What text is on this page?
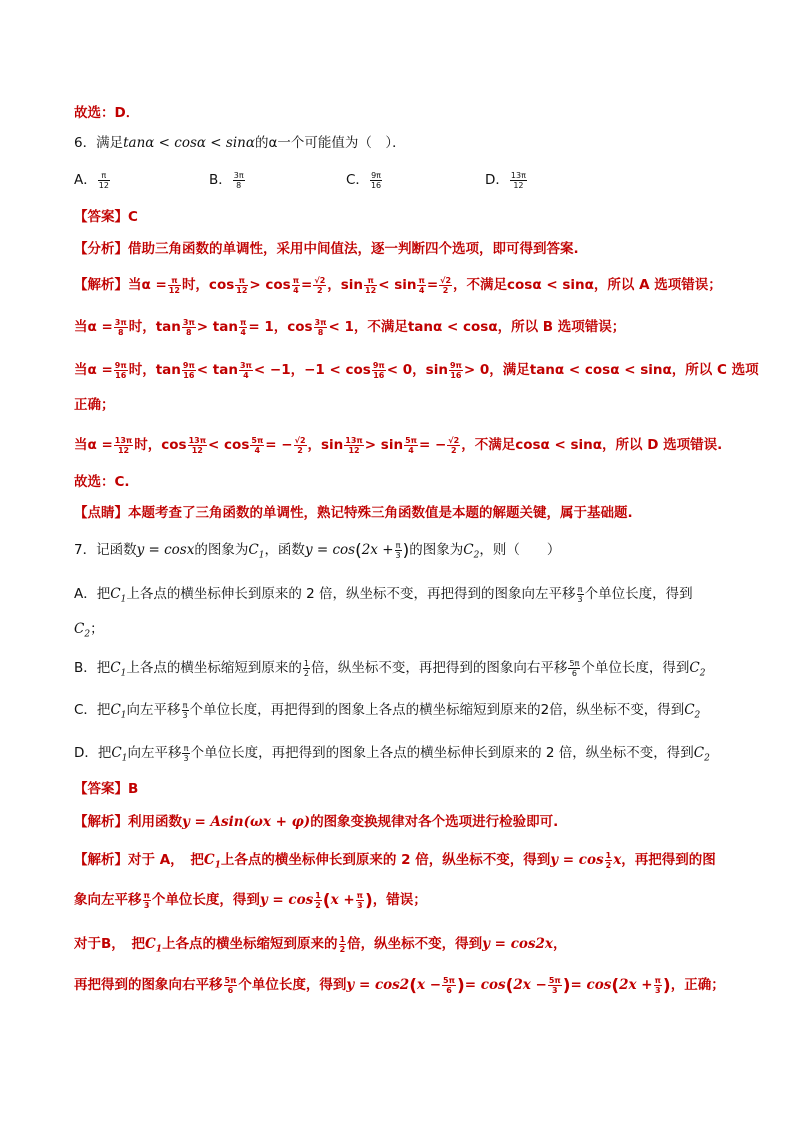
故选：D．
6．满足tanα < cosα < sinα的α一个可能值为（　）．
A． $\frac{\pi}{12}$	B． $\frac{3\pi}{8}$	C． $\frac{9\pi}{16}$	D． $\frac{13\pi}{12}$
【答案】C
【分析】借助三角函数的单调性，采用中间值法，逐一判断四个选项，即可得到答案.
【解析】当$\alpha = \frac{\pi}{12}$ 时，$\cos \frac{\pi}{12} > \cos \frac{\pi}{4} = \frac{√2}{2}$ ，$\sin \frac{\pi}{12} < \sin \frac{\pi}{4} = \frac{√2}{2}$ ，不满足cosα < sinα，所以 A 选项错误；
当$\alpha = \frac{3\pi}{8}$ 时，$\tan \frac{3\pi}{8} > \tan \frac{\pi}{4} = 1$，$\cos \frac{3\pi}{8} < 1$，不满足tanα < cosα，所以 B 选项错误；
当$\alpha = \frac{9\pi}{16}$ 时，$\tan \frac{9\pi}{16} < \tan \frac{3\pi}{4} < -1$，$-1 < \cos \frac{9\pi}{16} < 0$，$\sin \frac{9\pi}{16} > 0$，满足tanα < cosα < sinα，所以 C 选项
正确；
当$\alpha = \frac{13\pi}{12}$ 时，$\cos \frac{13\pi}{12} < \cos \frac{5\pi}{4}$ = − $\frac{√2}{2}$ ，$\sin \frac{13\pi}{12} > \sin \frac{5\pi}{4}$ = − $\frac{√2}{2}$ ，不满足cosα < sinα，所以 D 选项错误.
故选：C.
【点睛】本题考查了三角函数的单调性，熟记特殊三角函数值是本题的解题关键，属于基础题.
7．记函数y = cosx的图象为$C_1$，函数$y = \cos(2x + \frac{\pi}{3}$ )的图象为$C_2$，则（　　）
A．把$C_1$上各点的横坐标伸长到原来的 2 倍，纵坐标不变，再把得到的图象向左平移 $\frac{\pi}{3}$ 个单位长度，得到
$C_2$；
B．把$C_1$上各点的横坐标缩短到原来的 $\frac{1}{2}$ 倍，纵坐标不变，再把得到的图象向右平移 $\frac{5\pi}{6}$ 个单位长度，得到$C_2$
C．把$C_1$向左平移 $\frac{\pi}{3}$ 个单位长度，再把得到的图象上各点的横坐标缩短到原来的2倍，纵坐标不变，得到$C_2$
D．把$C_1$向左平移 $\frac{\pi}{3}$ 个单位长度，再把得到的图象上各点的横坐标伸长到原来的 2 倍，纵坐标不变，得到$C_2$
【答案】B
【解析】利用函数y = Asin(ωx + φ)的图象变换规律对各个选项进行检验即可.
【解析】对于 A，　把$C_1$上各点的横坐标伸长到原来的 2 倍，纵坐标不变，得到$y = \cos \frac{1}{2}$ x，再把得到的图
象向左平移 $\frac{\pi}{3}$ 个单位长度，得到$y = \cos \frac{1}{2} (x + \frac{\pi}{3}$ )，错误；
对于B，　把$C_1$上各点的横坐标缩短到原来的 $\frac{1}{2}$ 倍，纵坐标不变，得到y = cos2x，
再把得到的图象向右平移 $\frac{5\pi}{6}$ 个单位长度，得到$y = \cos 2(x - \frac{5\pi}{6}$ )= $\cos(2x - \frac{5\pi}{3}$ )= $\cos(2x + \frac{\pi}{3}$ )，正确；
